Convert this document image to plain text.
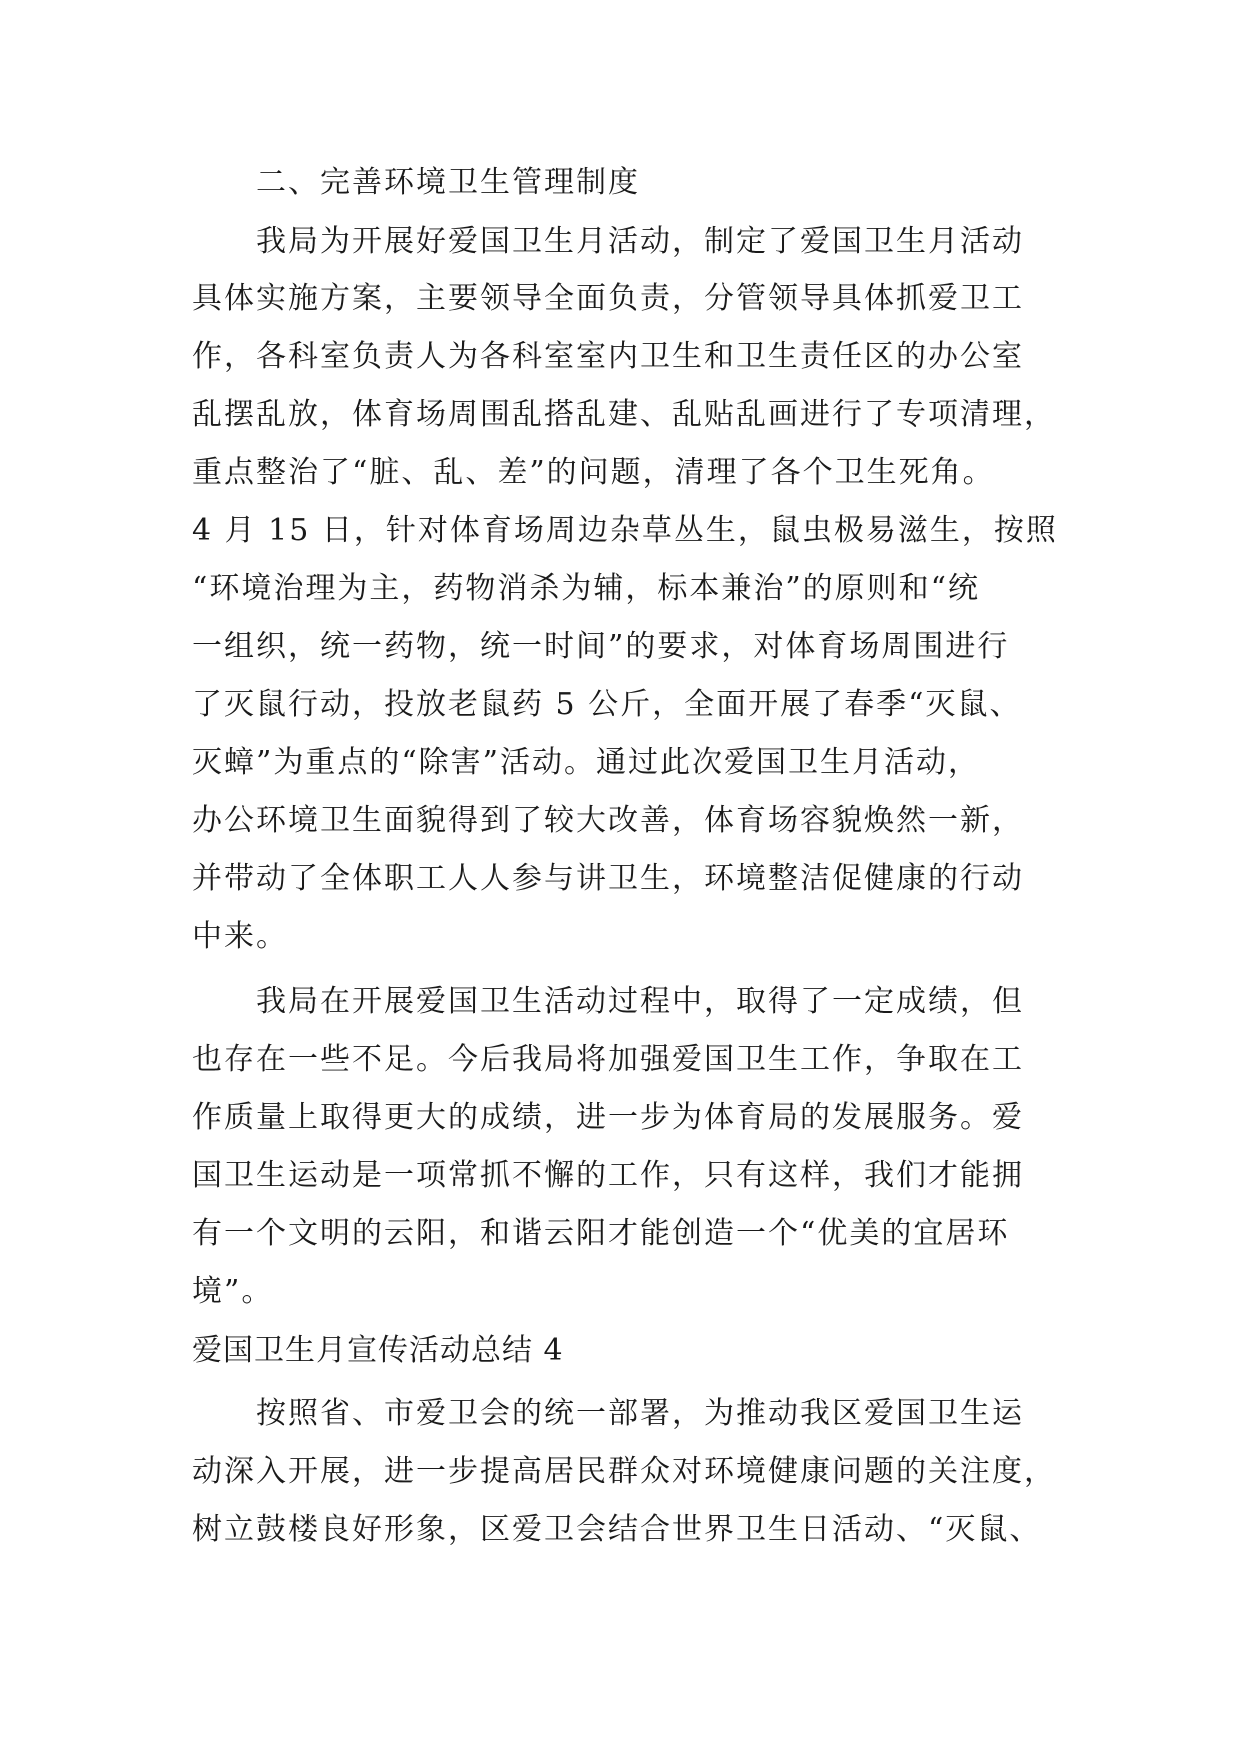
二、完善环境卫生管理制度
我局为开展好爱国卫生月活动，制定了爱国卫生月活动
具体实施方案，主要领导全面负责，分管领导具体抓爱卫工
作，各科室负责人为各科室室内卫生和卫生责任区的办公室
乱摆乱放，体育场周围乱搭乱建、乱贴乱画进行了专项清理，
重点整治了“脏、乱、差”的问题，清理了各个卫生死角。
4 月 15 日，针对体育场周边杂草丛生，鼠虫极易滋生，按照
“环境治理为主，药物消杀为辅，标本兼治”的原则和“统
一组织，统一药物，统一时间”的要求，对体育场周围进行
了灭鼠行动，投放老鼠药 5 公斤，全面开展了春季“灭鼠、
灭蟑”为重点的“除害”活动。通过此次爱国卫生月活动，
办公环境卫生面貌得到了较大改善，体育场容貌焕然一新，
并带动了全体职工人人参与讲卫生，环境整洁促健康的行动
中来。
我局在开展爱国卫生活动过程中，取得了一定成绩，但
也存在一些不足。今后我局将加强爱国卫生工作，争取在工
作质量上取得更大的成绩，进一步为体育局的发展服务。爱
国卫生运动是一项常抓不懈的工作，只有这样，我们才能拥
有一个文明的云阳，和谐云阳才能创造一个“优美的宜居环
境”。
爱国卫生月宣传活动总结 4
按照省、市爱卫会的统一部署，为推动我区爱国卫生运
动深入开展，进一步提高居民群众对环境健康问题的关注度，
树立鼓楼良好形象，区爱卫会结合世界卫生日活动、“灭鼠、
